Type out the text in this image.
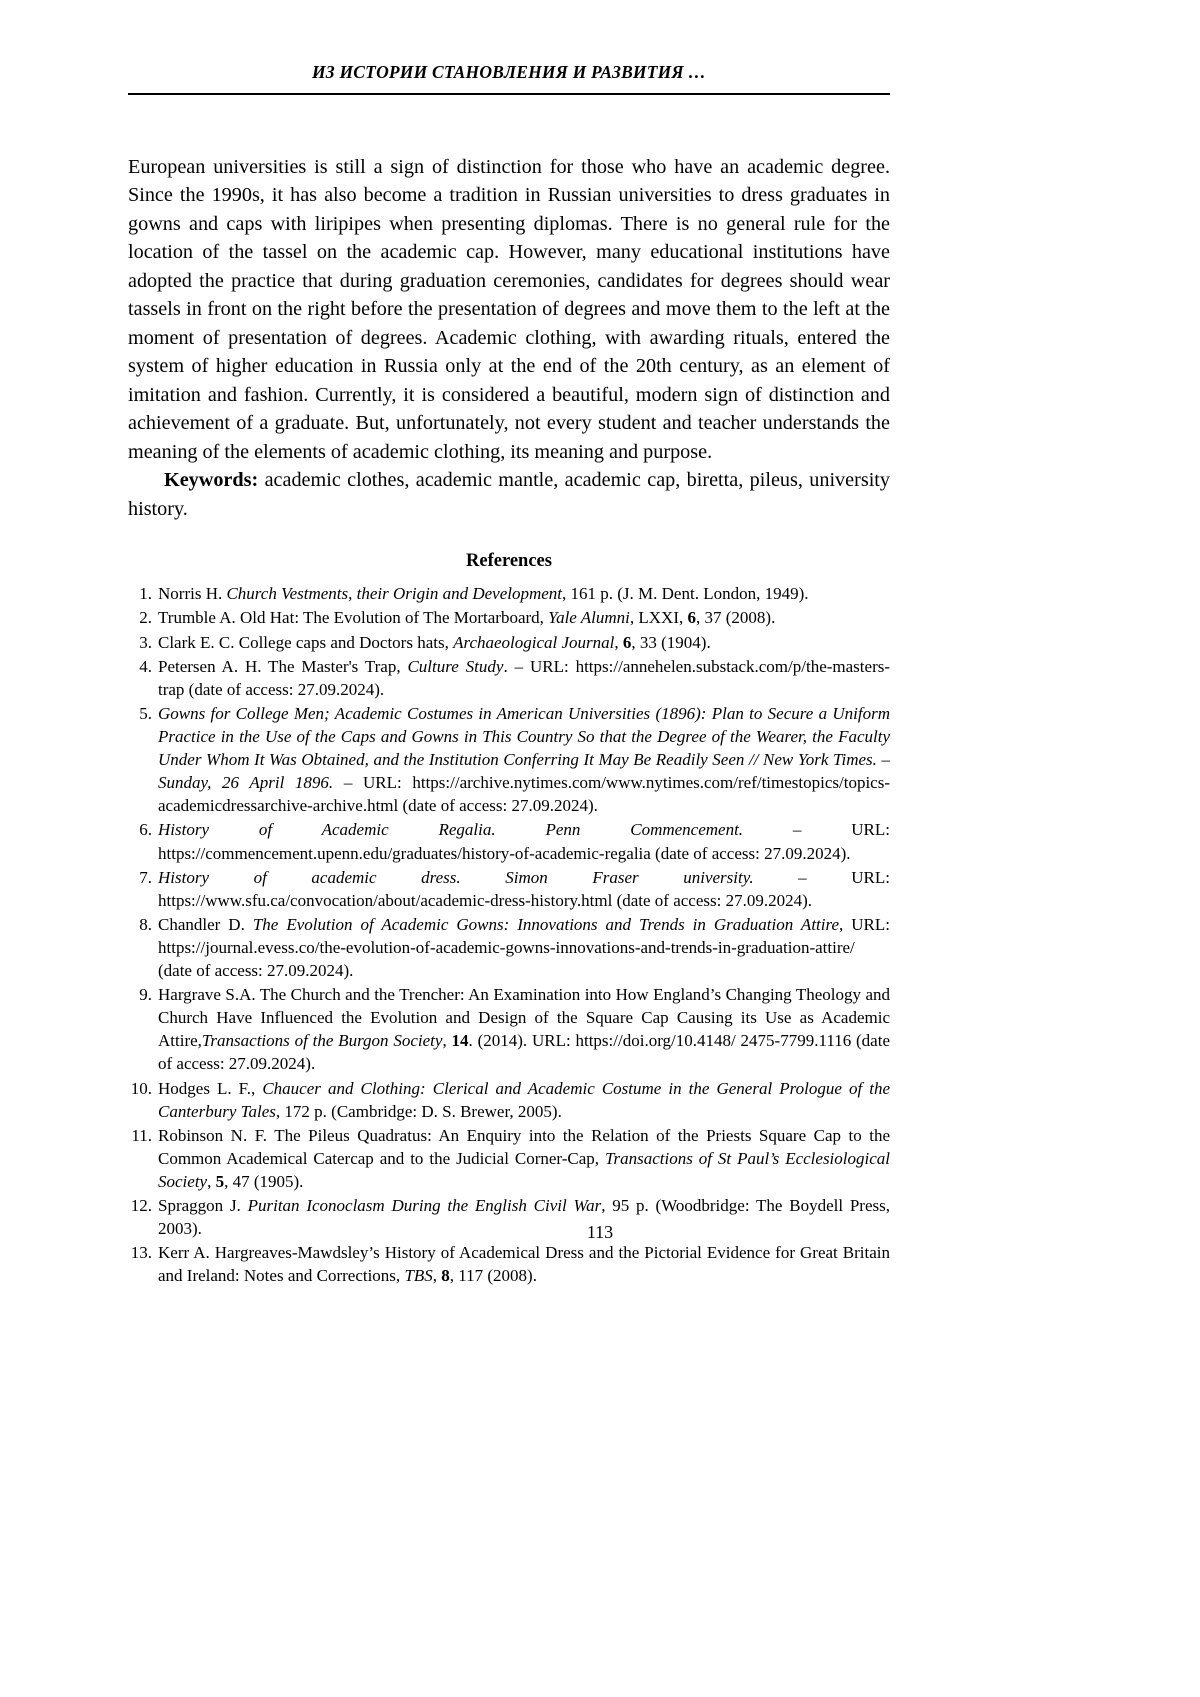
ИЗ ИСТОРИИ СТАНОВЛЕНИЯ И РАЗВИТИЯ …

European universities is still a sign of distinction for those who have an academic degree. Since the 1990s, it has also become a tradition in Russian universities to dress graduates in gowns and caps with liripipes when presenting diplomas. There is no general rule for the location of the tassel on the academic cap. However, many educational institutions have adopted the practice that during graduation ceremonies, candidates for degrees should wear tassels in front on the right before the presentation of degrees and move them to the left at the moment of presentation of degrees. Academic clothing, with awarding rituals, entered the system of higher education in Russia only at the end of the 20th century, as an element of imitation and fashion. Currently, it is considered a beautiful, modern sign of distinction and achievement of a graduate. But, unfortunately, not every student and teacher understands the meaning of the elements of academic clothing, its meaning and purpose.

Keywords: academic clothes, academic mantle, academic cap, biretta, pileus, university history.

References
1. Norris H. Church Vestments, their Origin and Development, 161 p. (J. M. Dent. London, 1949).
2. Trumble A. Old Hat: The Evolution of The Mortarboard, Yale Alumni, LXXI, 6, 37 (2008).
3. Clark E. C. College caps and Doctors hats, Archaeological Journal, 6, 33 (1904).
4. Petersen A. H. The Master's Trap, Culture Study. – URL: https://annehelen.substack.com/p/the-masters-trap (date of access: 27.09.2024).
5. Gowns for College Men; Academic Costumes in American Universities (1896): Plan to Secure a Uniform Practice in the Use of the Caps and Gowns in This Country So that the Degree of the Wearer, the Faculty Under Whom It Was Obtained, and the Institution Conferring It May Be Readily Seen // New York Times. – Sunday, 26 April 1896. – URL: https://archive.nytimes.com/www.nytimes.com/ref/timestopics/topics-academicdressarchive-archive.html (date of access: 27.09.2024).
6. History of Academic Regalia. Penn Commencement. – URL: https://commencement.upenn.edu/graduates/history-of-academic-regalia (date of access: 27.09.2024).
7. History of academic dress. Simon Fraser university. – URL: https://www.sfu.ca/convocation/about/academic-dress-history.html (date of access: 27.09.2024).
8. Chandler D. The Evolution of Academic Gowns: Innovations and Trends in Graduation Attire, URL: https://journal.evess.co/the-evolution-of-academic-gowns-innovations-and-trends-in-graduation-attire/ (date of access: 27.09.2024).
9. Hargrave S.A. The Church and the Trencher: An Examination into How England’s Changing Theology and Church Have Influenced the Evolution and Design of the Square Cap Causing its Use as Academic Attire,Transactions of the Burgon Society, 14. (2014). URL: https://doi.org/10.4148/ 2475-7799.1116 (date of access: 27.09.2024).
10. Hodges L. F., Chaucer and Clothing: Clerical and Academic Costume in the General Prologue of the Canterbury Tales, 172 p. (Cambridge: D. S. Brewer, 2005).
11. Robinson N. F. The Pileus Quadratus: An Enquiry into the Relation of the Priests Square Cap to the Common Academical Catercap and to the Judicial Corner-Cap, Transactions of St Paul’s Ecclesiological Society, 5, 47 (1905).
12. Spraggon J. Puritan Iconoclasm During the English Civil War, 95 p. (Woodbridge: The Boydell Press, 2003).
13. Kerr A. Hargreaves-Mawdsley’s History of Academical Dress and the Pictorial Evidence for Great Britain and Ireland: Notes and Corrections, TBS, 8, 117 (2008).
113
